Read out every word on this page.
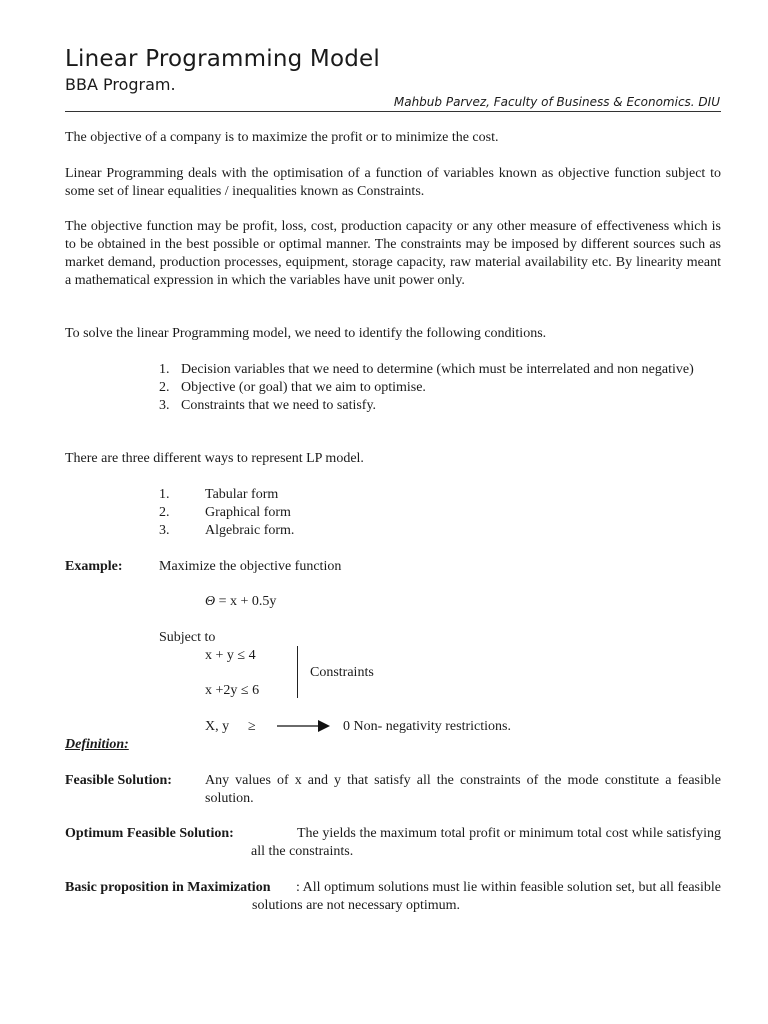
Linear Programming Model
BBA Program.
Mahbub Parvez, Faculty of Business & Economics. DIU

The objective of a company is to maximize the profit or to minimize the cost.

Linear Programming deals with the optimisation of a function of variables known as objective function subject to some set of linear equalities / inequalities known as Constraints.

The objective function may be profit, loss, cost, production capacity or any other measure of effectiveness which is to be obtained in the best possible or optimal manner. The constraints may be imposed by different sources such as market demand, production processes, equipment, storage capacity, raw material availability etc. By linearity meant a mathematical expression in which the variables have unit power only.

To solve the linear Programming model, we need to identify the following conditions.

1. Decision variables that we need to determine (which must be interrelated and non negative)
2. Objective (or goal) that we aim to optimise.
3. Constraints that we need to satisfy.

There are three different ways to represent LP model.

1.	Tabular form
2.	Graphical form
3.	Algebraic form.
Example:	Maximize the objective function
Θ = x + 0.5y
Subject to
x + y ≤ 4
x +2y ≤ 6
Constraints
X, y ≥	0 Non- negativity restrictions.
Definition:
Feasible Solution: Any values of x and y that satisfy all the constraints of the mode constitute a feasible solution.
Optimum Feasible Solution:	The yields the maximum total profit or minimum total cost while satisfying all the constraints.
Basic proposition in Maximization	: All optimum solutions must lie within feasible solution set, but all feasible solutions are not necessary optimum.
